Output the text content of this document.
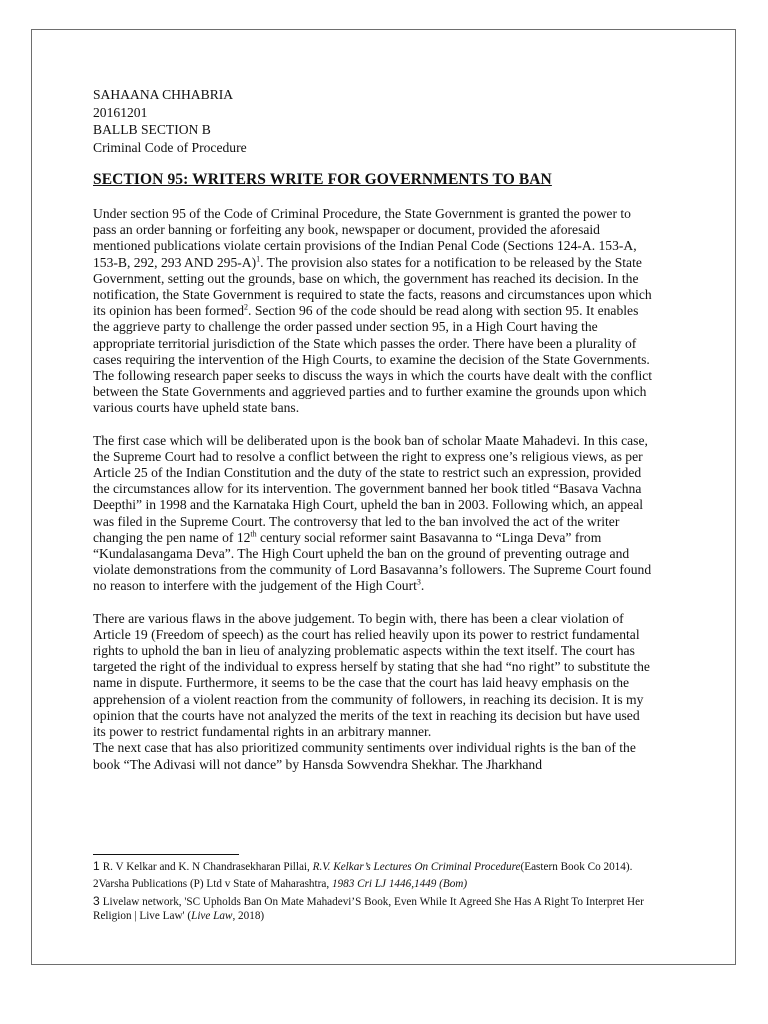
SAHAANA CHHABRIA
20161201
BALLB SECTION B
Criminal Code of Procedure
SECTION 95: WRITERS WRITE FOR GOVERNMENTS TO BAN

Under section 95 of the Code of Criminal Procedure, the State Government is granted the power to pass an order banning or forfeiting any book, newspaper or document, provided the aforesaid mentioned publications violate certain provisions of the Indian Penal Code (Sections 124-A. 153-A, 153-B, 292, 293 AND 295-A)$^1$. The provision also states for a notification to be released by the State Government, setting out the grounds, base on which, the government has reached its decision. In the notification, the State Government is required to state the facts, reasons and circumstances upon which its opinion has been formed$^2$. Section 96 of the code should be read along with section 95. It enables the aggrieve party to challenge the order passed under section 95, in a High Court having the appropriate territorial jurisdiction of the State which passes the order. There have been a plurality of cases requiring the intervention of the High Courts, to examine the decision of the State Governments. The following research paper seeks to discuss the ways in which the courts have dealt with the conflict between the State Governments and aggrieved parties and to further examine the grounds upon which various courts have upheld state bans.

The first case which will be deliberated upon is the book ban of scholar Maate Mahadevi. In this case, the Supreme Court had to resolve a conflict between the right to express one’s religious views, as per Article 25 of the Indian Constitution and the duty of the state to restrict such an expression, provided the circumstances allow for its intervention. The government banned her book titled “Basava Vachna Deepthi” in 1998 and the Karnataka High Court, upheld the ban in 2003. Following which, an appeal was filed in the Supreme Court. The controversy that led to the ban involved the act of the writer changing the pen name of 12th century social reformer saint Basavanna to “Linga Deva” from “Kundalasangama Deva”. The High Court upheld the ban on the ground of preventing outrage and violate demonstrations from the community of Lord Basavanna’s followers. The Supreme Court found no reason to interfere with the judgement of the High Court$^3$.

There are various flaws in the above judgement. To begin with, there has been a clear violation of Article 19 (Freedom of speech) as the court has relied heavily upon its power to restrict fundamental rights to uphold the ban in lieu of analyzing problematic aspects within the text itself. The court has targeted the right of the individual to express herself by stating that she had “no right” to substitute the name in dispute. Furthermore, it seems to be the case that the court has laid heavy emphasis on the apprehension of a violent reaction from the community of followers, in reaching its decision. It is my opinion that the courts have not analyzed the merits of the text in reaching its decision but have used its power to restrict fundamental rights in an arbitrary manner.

The next case that has also prioritized community sentiments over individual rights is the ban of the book “The Adivasi will not dance” by Hansda Sowvendra Shekhar. The Jharkhand

1 R. V Kelkar and K. N Chandrasekharan Pillai, R.V. Kelkar’s Lectures On Criminal Procedure(Eastern Book Co 2014).

2Varsha Publications (P) Ltd v State of Maharashtra, 1983 Cri LJ 1446,1449 (Bom)

3 Livelaw network, 'SC Upholds Ban On Mate Mahadevi’S Book, Even While It Agreed She Has A Right To Interpret Her Religion | Live Law' (Live Law, 2018)
